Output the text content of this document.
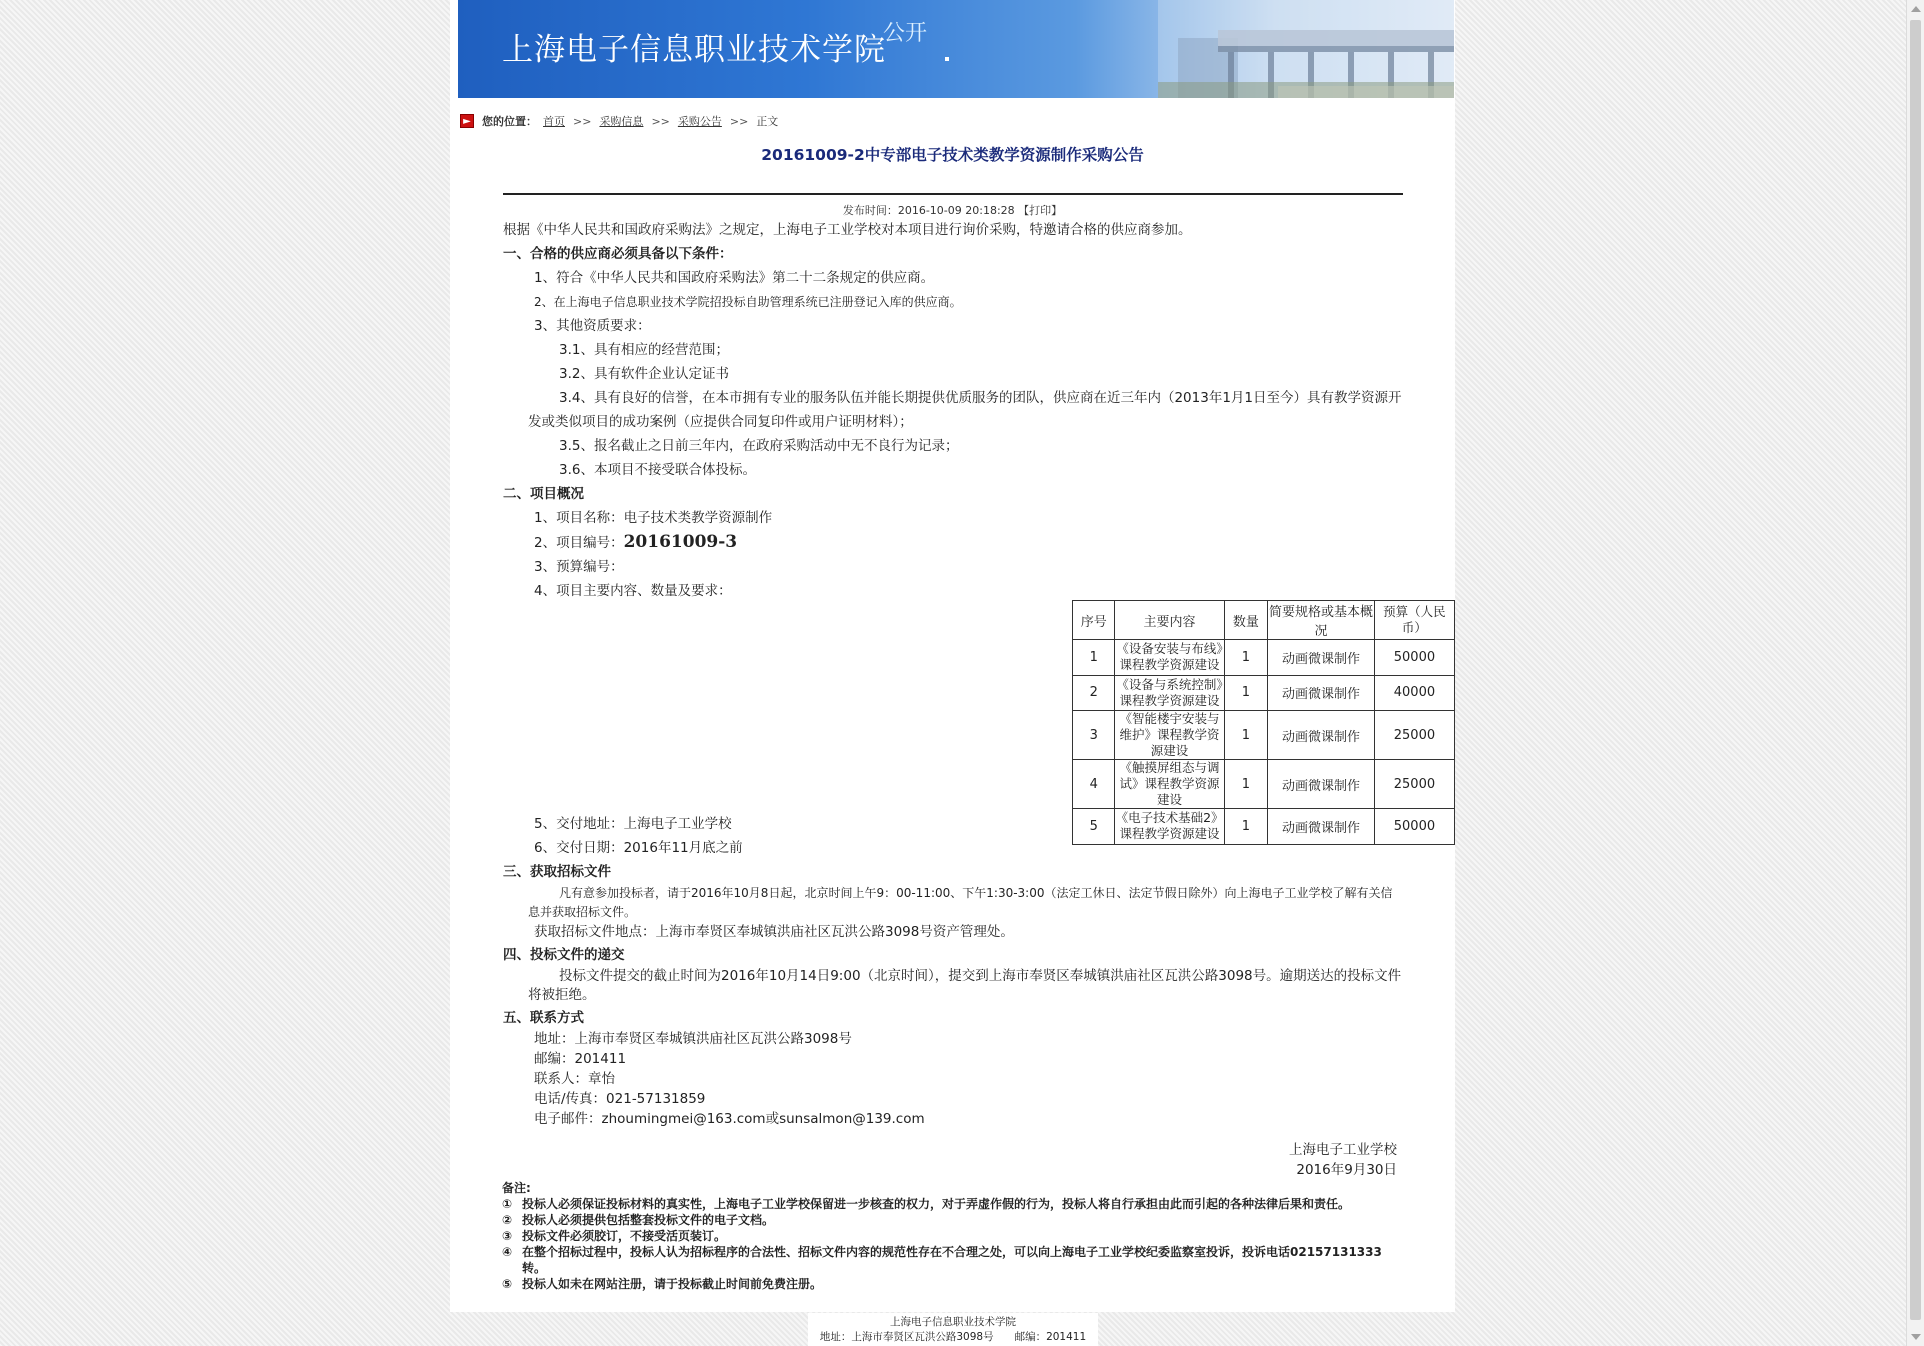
上海电子信息职业技术学院
公开
► 您的位置： 首页 >> 采购信息 >> 采购公告 >> 正文
20161009-2中专部电子技术类教学资源制作采购公告
发布时间：2016-10-09 20:18:28 【打印】

根据《中华人民共和国政府采购法》之规定，上海电子工业学校对本项目进行询价采购，特邀请合格的供应商参加。

一、合格的供应商必须具备以下条件：

1、符合《中华人民共和国政府采购法》第二十二条规定的供应商。

2、在上海电子信息职业技术学院招投标自助管理系统已注册登记入库的供应商。

3、其他资质要求：

3.1、具有相应的经营范围；

3.2、具有软件企业认定证书

3.4、具有良好的信誉，在本市拥有专业的服务队伍并能长期提供优质服务的团队，供应商在近三年内（2013年1月1日至今）具有教学资源开发或类似项目的成功案例（应提供合同复印件或用户证明材料）；

3.5、报名截止之日前三年内，在政府采购活动中无不良行为记录；

3.6、本项目不接受联合体投标。

二、项目概况

1、项目名称：电子技术类教学资源制作

2、项目编号：20161009-3

3、预算编号：

4、项目主要内容、数量及要求：

序号	主要内容	数量	简要规格或基本概况	预算（人民币）
1	《设备安装与布线》课程教学资源建设	1	动画微课制作	50000
2	《设备与系统控制》课程教学资源建设	1	动画微课制作	40000
3	《智能楼宇安装与维护》课程教学资源建设	1	动画微课制作	25000
4	《触摸屏组态与调试》课程教学资源建设	1	动画微课制作	25000
5	《电子技术基础2》课程教学资源建设	1	动画微课制作	50000

5、交付地址：上海电子工业学校

6、交付日期：2016年11月底之前

三、获取招标文件

凡有意参加投标者，请于2016年10月8日起，北京时间上午9：00-11:00、下午1:30-3:00（法定工休日、法定节假日除外）向上海电子工业学校了解有关信息并获取招标文件。

获取招标文件地点：上海市奉贤区奉城镇洪庙社区瓦洪公路3098号资产管理处。

四、投标文件的递交

投标文件提交的截止时间为2016年10月14日9:00（北京时间），提交到上海市奉贤区奉城镇洪庙社区瓦洪公路3098号。逾期送达的投标文件将被拒绝。

五、联系方式

地址：上海市奉贤区奉城镇洪庙社区瓦洪公路3098号

邮编：201411

联系人：章怡

电话/传真：021-57131859

电子邮件：zhoumingmei@163.com或sunsalmon@139.com

上海电子工业学校
2016年9月30日
备注:
① 投标人必须保证投标材料的真实性，上海电子工业学校保留进一步核查的权力，对于弄虚作假的行为，投标人将自行承担由此而引起的各种法律后果和责任。
② 投标人必须提供包括整套投标文件的电子文档。
③ 投标文件必须胶订，不接受活页装订。
④ 在整个招标过程中，投标人认为招标程序的合法性、招标文件内容的规范性存在不合理之处，可以向上海电子工业学校纪委监察室投诉，投诉电话02157131333转。
⑤ 投标人如未在网站注册，请于投标截止时间前免费注册。
上海电子信息职业技术学院
地址：上海市奉贤区瓦洪公路3098号　　邮编：201411
